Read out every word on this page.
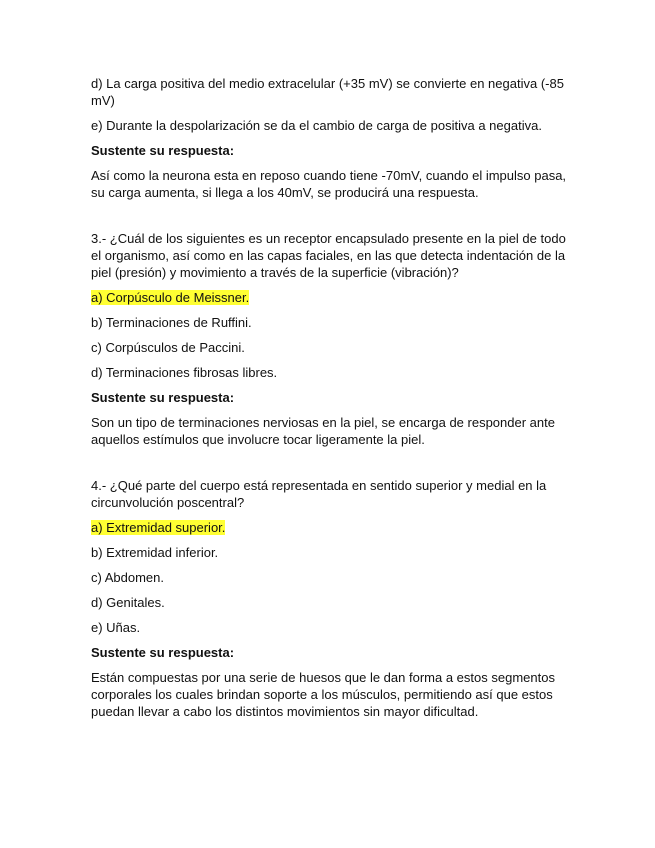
d) La carga positiva del medio extracelular (+35 mV) se convierte en negativa (-85 mV)

e) Durante la despolarización se da el cambio de carga de positiva a negativa.

Sustente su respuesta:

Así como la neurona esta en reposo cuando tiene -70mV, cuando el impulso pasa, su carga aumenta, si llega a los 40mV, se producirá una respuesta.

3.- ¿Cuál de los siguientes es un receptor encapsulado presente en la piel de todo el organismo, así como en las capas faciales, en las que detecta indentación de la piel (presión) y movimiento a través de la superficie (vibración)?

a) Corpúsculo de Meissner.

b) Terminaciones de Ruffini.

c) Corpúsculos de Paccini.

d) Terminaciones fibrosas libres.

Sustente su respuesta:

Son un tipo de terminaciones nerviosas en la piel, se encarga de responder ante aquellos estímulos que involucre tocar ligeramente la piel.

4.- ¿Qué parte del cuerpo está representada en sentido superior y medial en la circunvolución poscentral?

a) Extremidad superior.

b) Extremidad inferior.

c) Abdomen.

d) Genitales.

e) Uñas.

Sustente su respuesta:

Están compuestas por una serie de huesos que le dan forma a estos segmentos corporales los cuales brindan soporte a los músculos, permitiendo así que estos puedan llevar a cabo los distintos movimientos sin mayor dificultad.
